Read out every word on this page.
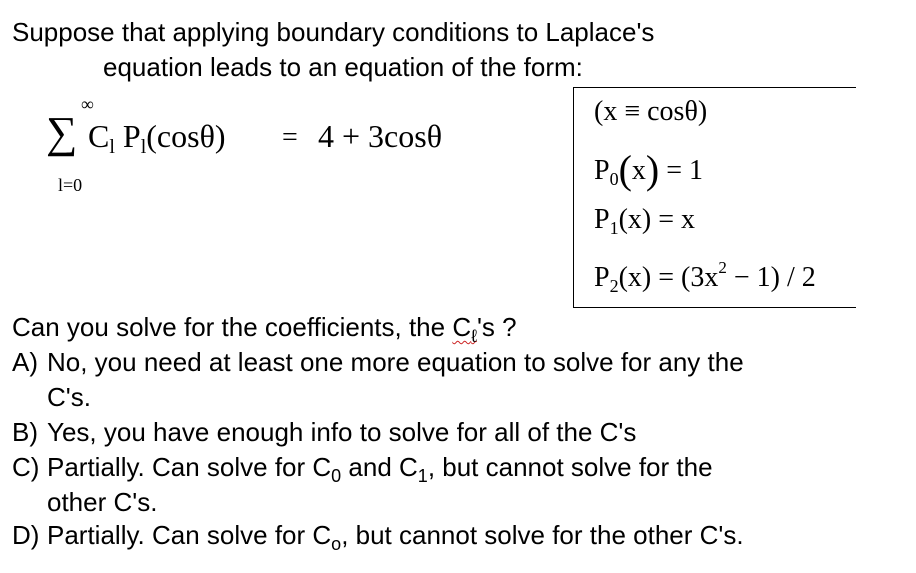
Suppose that applying boundary conditions to Laplace's
equation leads to an equation of the form:
∞
∑ Cl Pl(cosθ) = 4 + 3cosθ
l=0
(x ≡ cosθ)
$P_0(x) = 1$
$P_1(x) = x$
$P_2(x) = (3x^2 - 1) / 2$
Can you solve for the coefficients, the $C_\ell's$ ?
A) No, you need at least one more equation to solve for any the
C's.
B) Yes, you have enough info to solve for all of the C's
C) Partially. Can solve for $C_0$ and $C_1$, but cannot solve for the
other C's.
D) Partially. Can solve for $C_o$, but cannot solve for the other C's.
